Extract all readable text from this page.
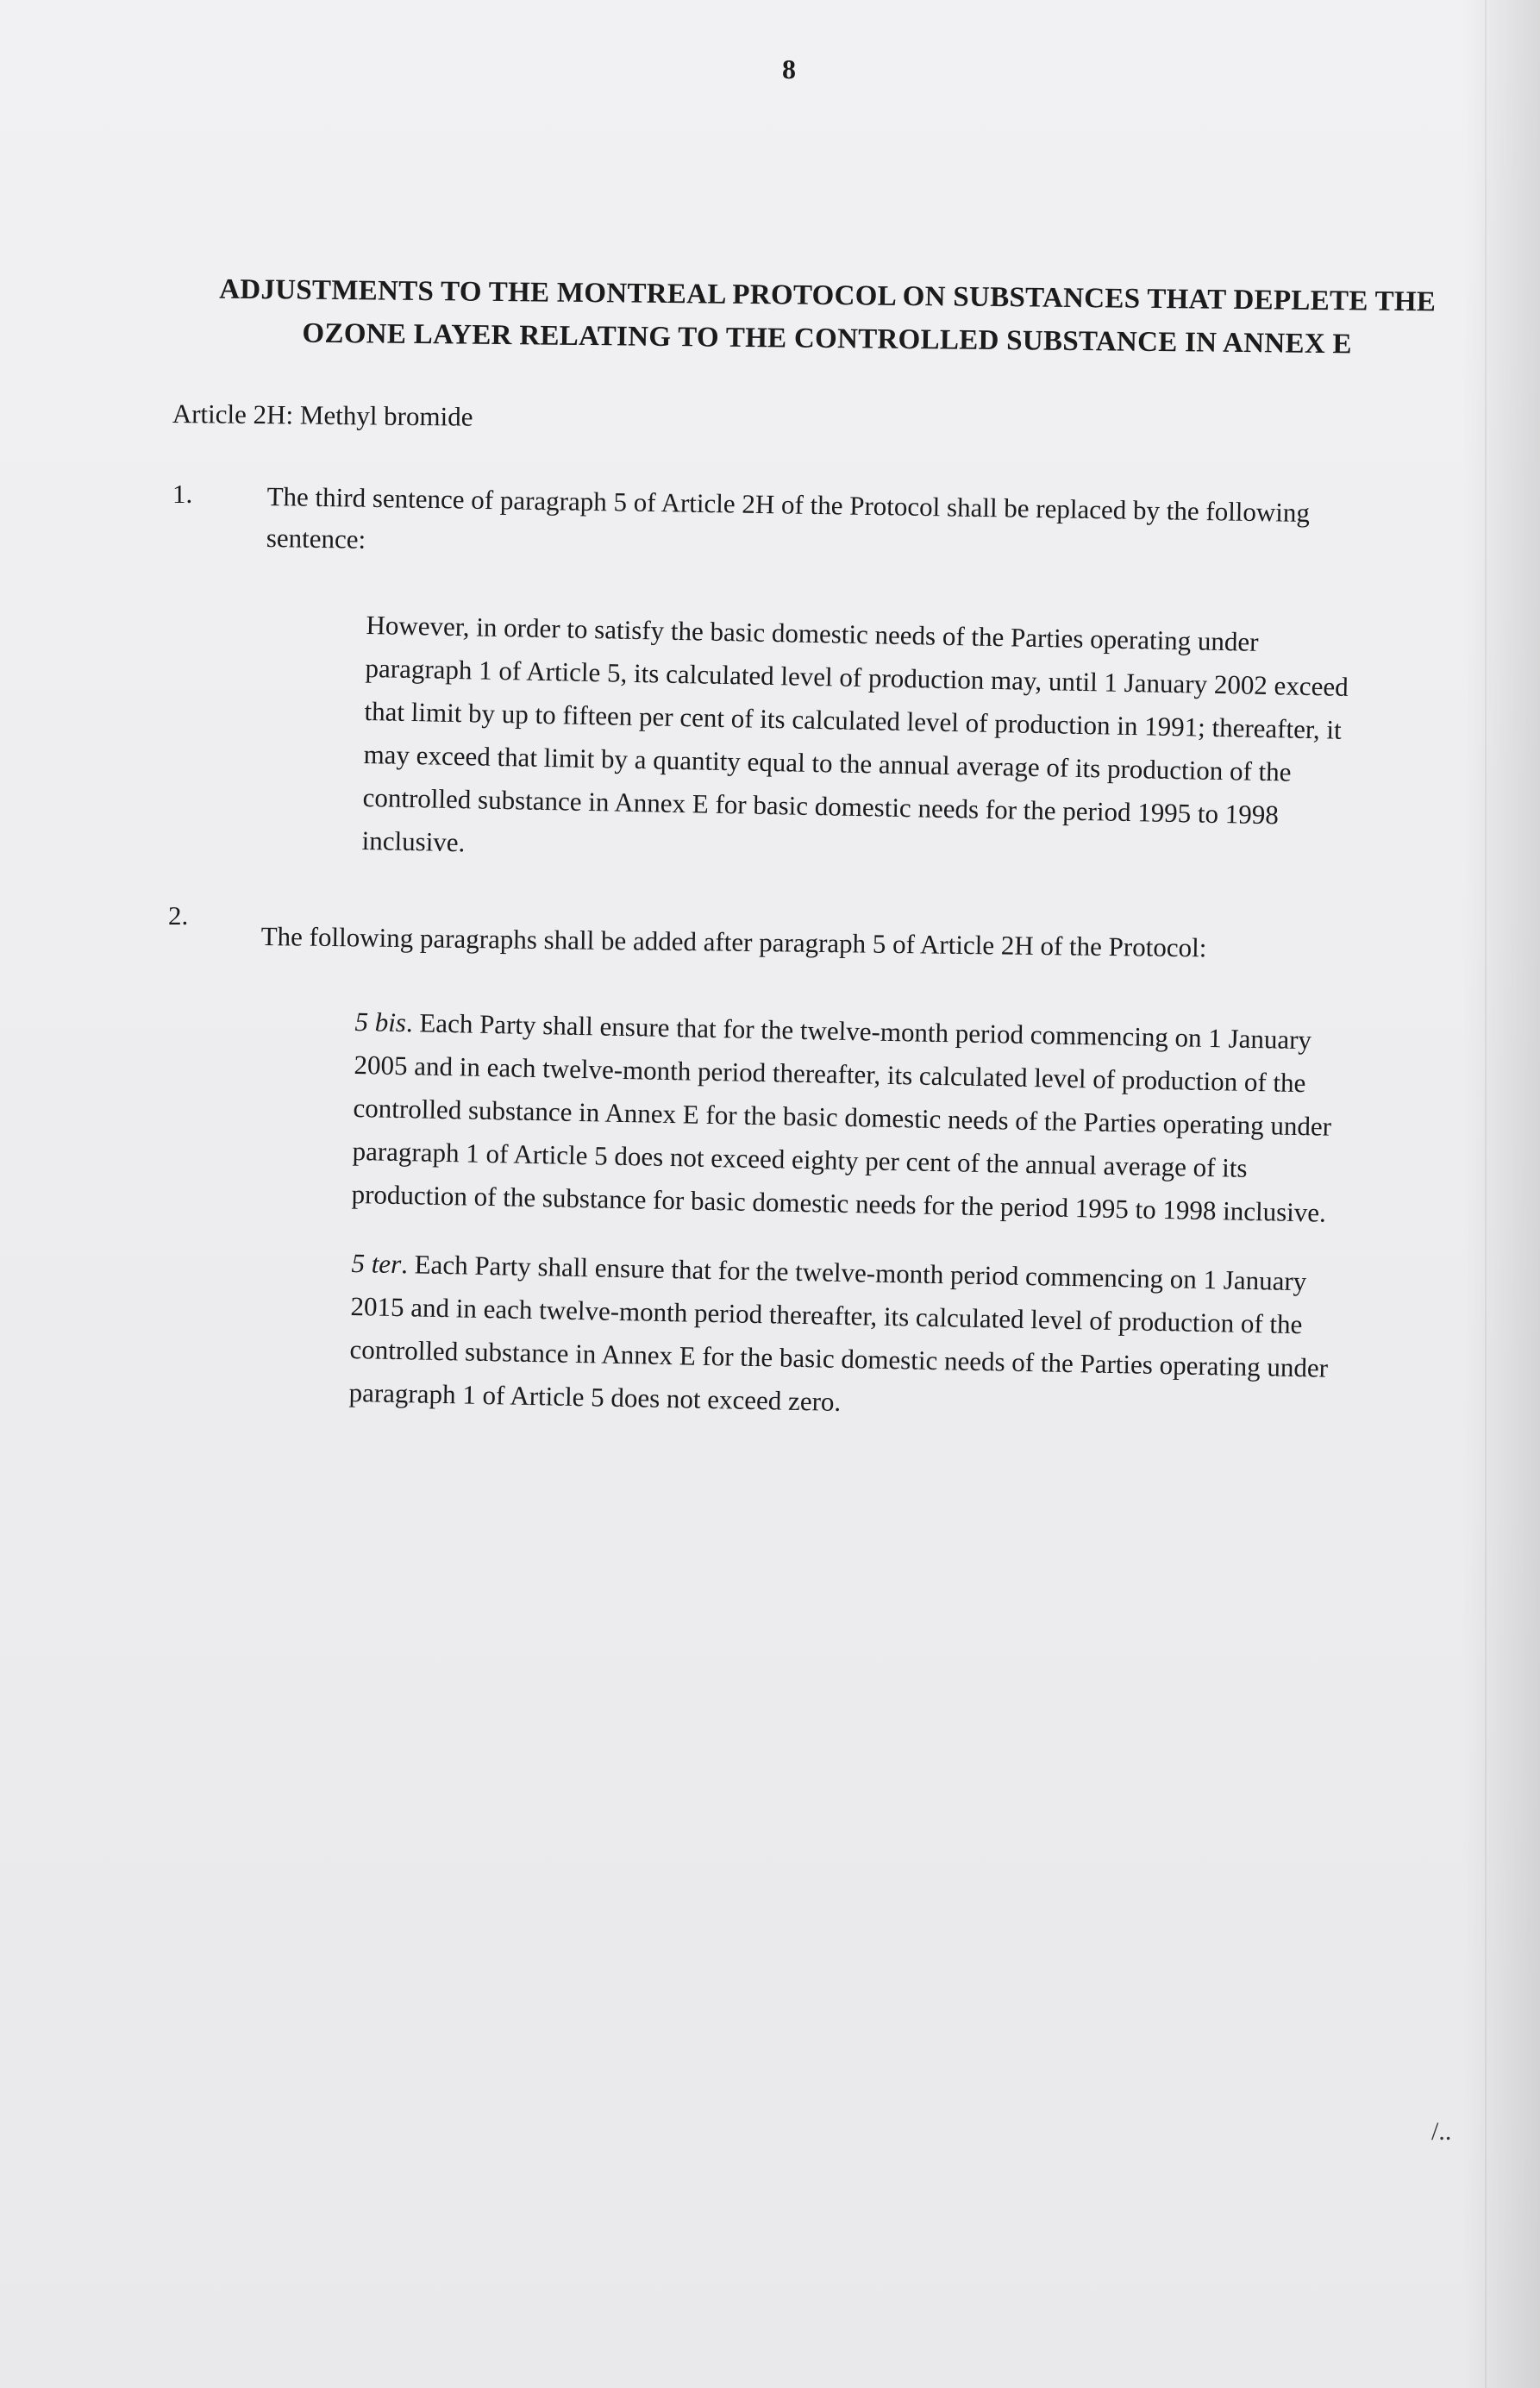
8
ADJUSTMENTS TO THE MONTREAL PROTOCOL ON SUBSTANCES THAT DEPLETE THE
OZONE LAYER RELATING TO THE CONTROLLED SUBSTANCE IN ANNEX E
Article 2H: Methyl bromide
1.	The third sentence of paragraph 5 of Article 2H of the Protocol shall be replaced by the following
sentence:
However, in order to satisfy the basic domestic needs of the Parties operating under
paragraph 1 of Article 5, its calculated level of production may, until 1 January 2002 exceed
that limit by up to fifteen per cent of its calculated level of production in 1991; thereafter, it
may exceed that limit by a quantity equal to the annual average of its production of the
controlled substance in Annex E for basic domestic needs for the period 1995 to 1998
inclusive.
2.
The following paragraphs shall be added after paragraph 5 of Article 2H of the Protocol:
5 bis. Each Party shall ensure that for the twelve-month period commencing on 1 January
2005 and in each twelve-month period thereafter, its calculated level of production of the
controlled substance in Annex E for the basic domestic needs of the Parties operating under
paragraph 1 of Article 5 does not exceed eighty per cent of the annual average of its
production of the substance for basic domestic needs for the period 1995 to 1998 inclusive.
5 ter. Each Party shall ensure that for the twelve-month period commencing on 1 January
2015 and in each twelve-month period thereafter, its calculated level of production of the
controlled substance in Annex E for the basic domestic needs of the Parties operating under
paragraph 1 of Article 5 does not exceed zero.
/..
